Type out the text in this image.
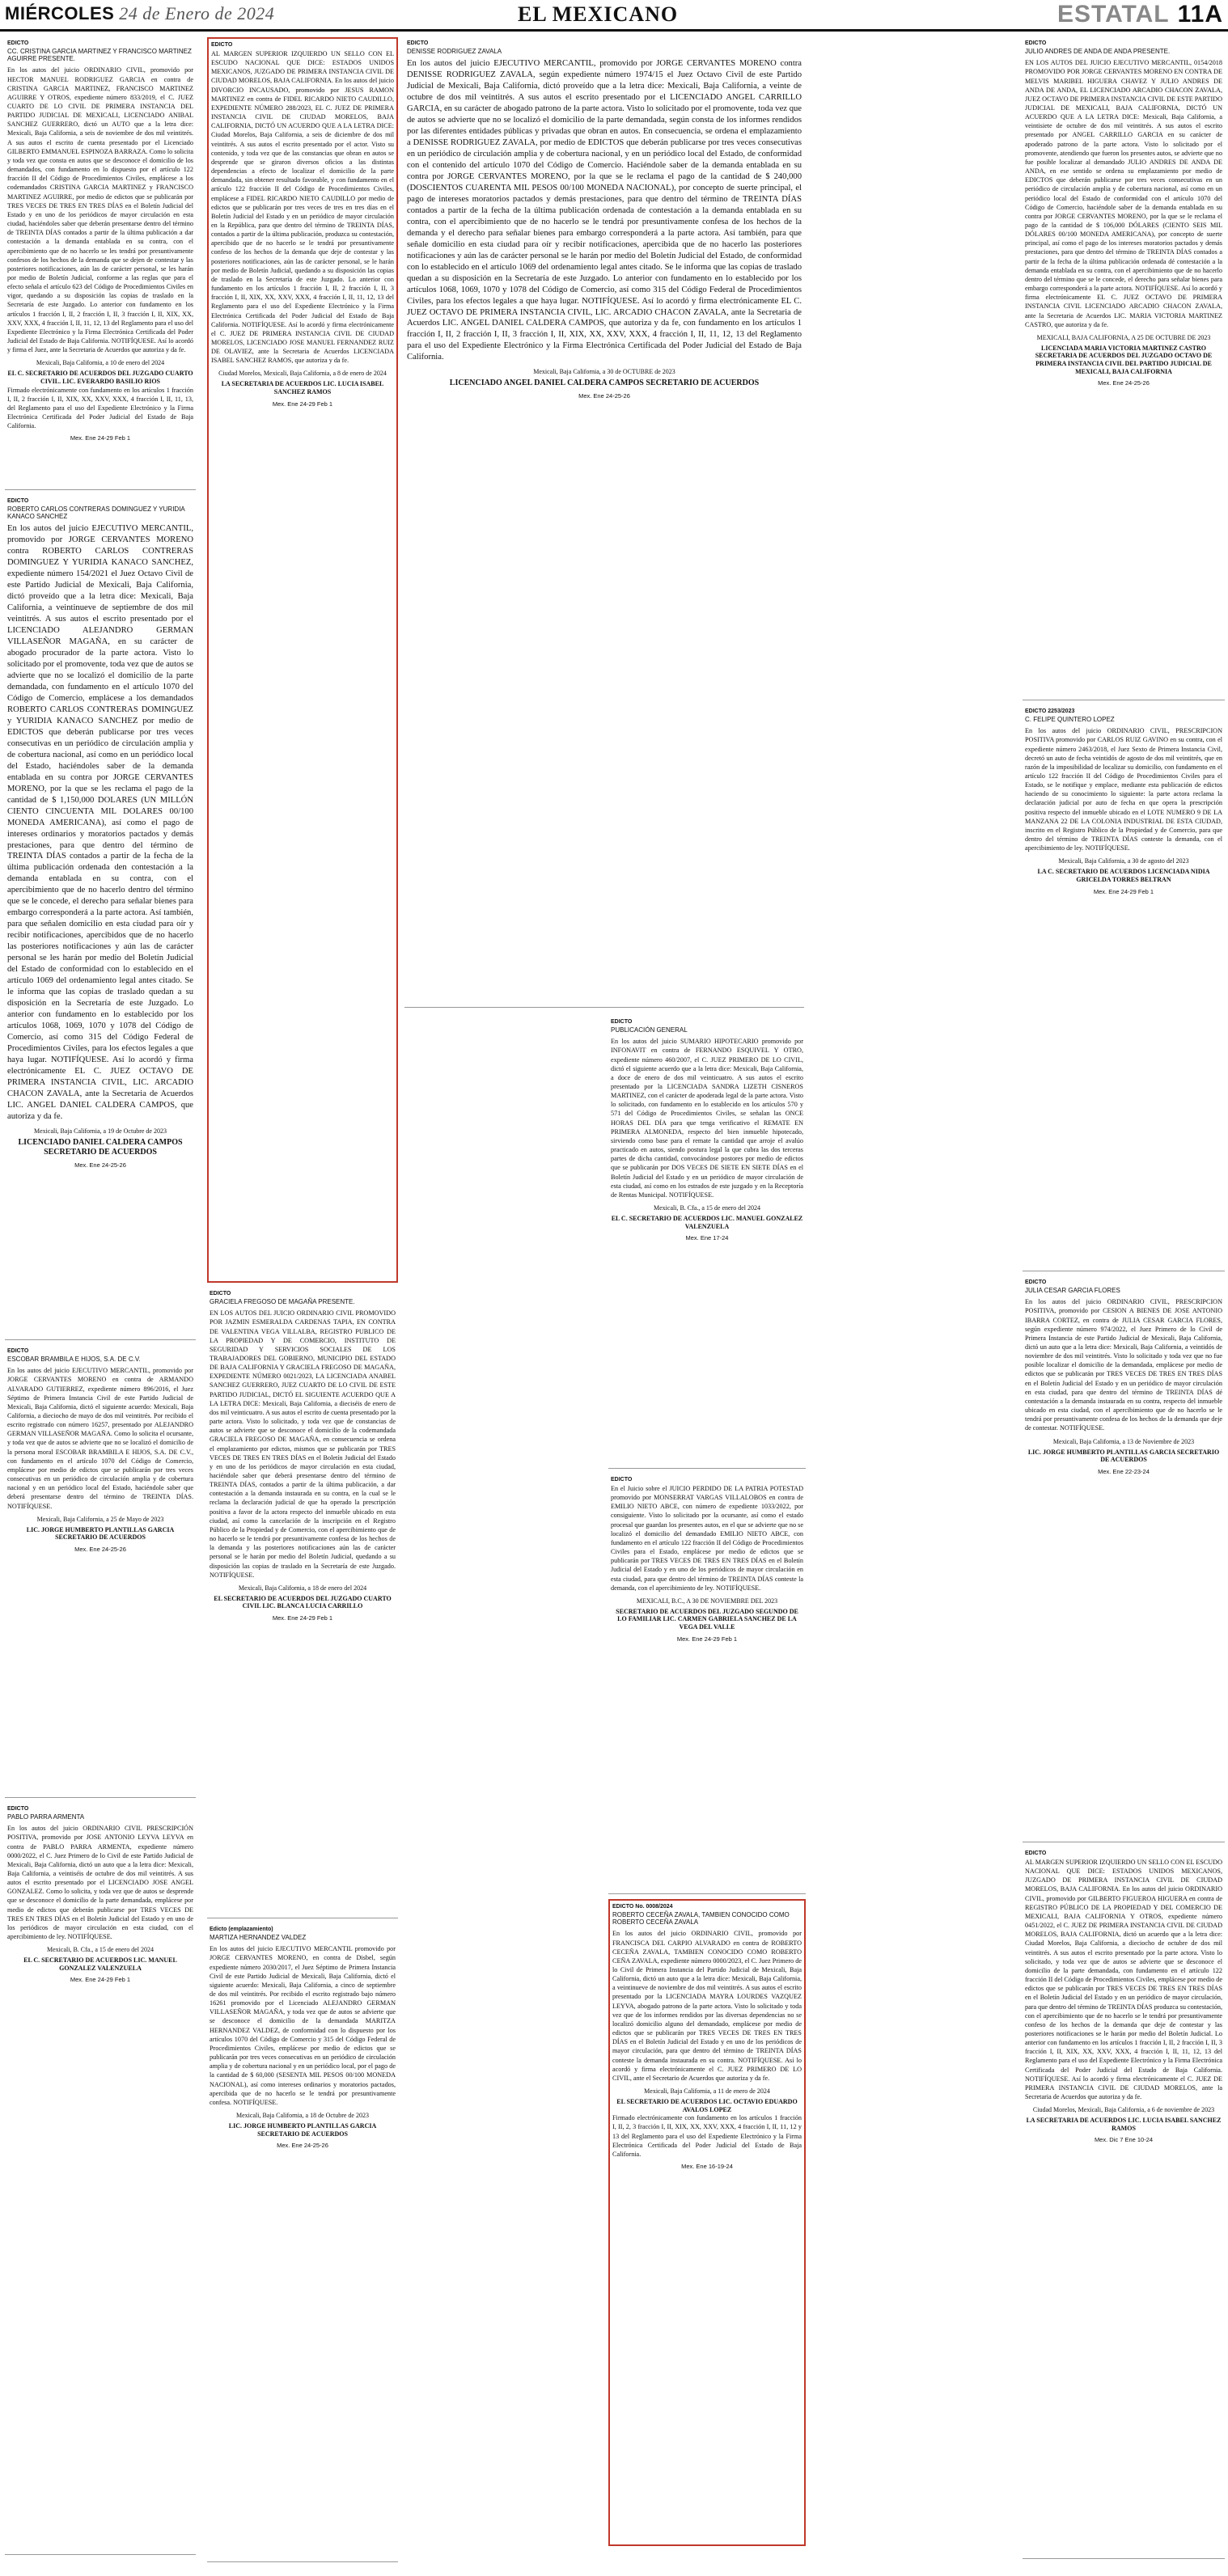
MIÉRCOLES 24 de Enero de 2024	EL MEXICANO	ESTATAL 11A
EDICTO
CC. CRISTINA GARCIA MARTINEZ Y FRANCISCO MARTINEZ AGUIRRE PRESENTE.
En los autos del juicio ORDINARIO CIVIL, promovido por HECTOR MANUEL RODRIGUEZ GARCIA en contra de CRISTINA GARCIA MARTINEZ, FRANCISCO MARTINEZ AGUIRRE Y OTROS, expediente número 833/2019, el C. JUEZ CUARTO DE LO CIVIL DE PRIMERA INSTANCIA DEL PARTIDO JUDICIAL DE MEXICALI, LICENCIADO ANIBAL SANCHEZ GUERRERO, dictó un AUTO que a la letra dice: Mexicali, Baja California, a seis de noviembre de dos mil veintitrés. A sus autos el escrito de cuenta presentado por el Licenciado GILBERTO EMMANUEL ESPINOZA BARRAZA. Como lo solicita y toda vez que consta en autos que se desconoce el domicilio de los demandados, con fundamento en lo dispuesto por el artículo 122 fracción II del Código de Procedimientos Civiles, emplácese a los codemandados CRISTINA GARCIA MARTINEZ y FRANCISCO MARTINEZ AGUIRRE, por medio de edictos que se publicarán por TRES VECES DE TRES EN TRES DÍAS en el Boletín Judicial del Estado y en uno de los periódicos de mayor circulación en esta ciudad, haciéndoles saber que deberán presentarse dentro del término de TREINTA DÍAS contados a partir de la última publicación a dar contestación a la demanda entablada en su contra, con el apercibimiento que de no hacerlo se les tendrá por presuntivamente confesos de los hechos de la demanda que se dejen de contestar y las posteriores notificaciones, aún las de carácter personal, se les harán por medio de Boletín Judicial, conforme a las reglas que para el efecto señala el artículo 623 del Código de Procedimientos Civiles en vigor, quedando a su disposición las copias de traslado en la Secretaría de este Juzgado. Lo anterior con fundamento en los artículos 1 fracción I, II, 2 fracción I, II, 3 fracción I, II, XIX, XX, XXV, XXX, 4 fracción I, II, 11, 12, 13 del Reglamento para el uso del Expediente Electrónico y la Firma Electrónica Certificada del Poder Judicial del Estado de Baja California. NOTIFÍQUESE. Así lo acordó y firma el Juez, ante la Secretaria de Acuerdos que autoriza y da fe.
Mexicali, Baja California, a 10 de enero del 2024
EL C. SECRETARIO DE ACUERDOS DEL JUZGADO CUARTO CIVIL. LIC. EVERARDO BASILIO RIOS
Firmado electrónicamente con fundamento en los artículos 1 fracción I, II, 2 fracción I, II, XIX, XX, XXV, XXX, 4 fracción I, II, 11, 13, del Reglamento para el uso del Expediente Electrónico y la Firma Electrónica Certificada del Poder Judicial del Estado de Baja California.
Mex. Ene 24-29 Feb 1
EDICTO
ROBERTO CARLOS CONTRERAS DOMINGUEZ Y YURIDIA KANACO SANCHEZ
En los autos del juicio EJECUTIVO MERCANTIL, promovido por JORGE CERVANTES MORENO contra ROBERTO CARLOS CONTRERAS DOMINGUEZ Y YURIDIA KANACO SANCHEZ, expediente número 154/2021 el Juez Octavo Civil de este Partido Judicial de Mexicali, Baja California, dictó proveído que a la letra dice: Mexicali, Baja California, a veintinueve de septiembre de dos mil veintitrés. A sus autos el escrito presentado por el LICENCIADO ALEJANDRO GERMAN VILLASEÑOR MAGAÑA, en su carácter de abogado procurador de la parte actora. Visto lo solicitado por el promovente, toda vez que de autos se advierte que no se localizó el domicilio de la parte demandada, con fundamento en el artículo 1070 del Código de Comercio, emplácese a los demandados ROBERTO CARLOS CONTRERAS DOMINGUEZ y YURIDIA KANACO SANCHEZ por medio de EDICTOS que deberán publicarse por tres veces consecutivas en un periódico de circulación amplia y de cobertura nacional, así como en un periódico local del Estado, haciéndoles saber de la demanda entablada en su contra por JORGE CERVANTES MORENO, por la que se les reclama el pago de la cantidad de $ 1,150,000 DOLARES (UN MILLÓN CIENTO CINCUENTA MIL DOLARES 00/100 MONEDA AMERICANA), así como el pago de intereses ordinarios y moratorios pactados y demás prestaciones, para que dentro del término de TREINTA DÍAS contados a partir de la fecha de la última publicación ordenada den contestación a la demanda entablada en su contra, con el apercibimiento que de no hacerlo dentro del término que se le concede, el derecho para señalar bienes para embargo corresponderá a la parte actora. Así también, para que señalen domicilio en esta ciudad para oír y recibir notificaciones, apercibidos que de no hacerlo las posteriores notificaciones y aún las de carácter personal se les harán por medio del Boletín Judicial del Estado de conformidad con lo establecido en el artículo 1069 del ordenamiento legal antes citado. Se le informa que las copias de traslado quedan a su disposición en la Secretaría de este Juzgado. Lo anterior con fundamento en lo establecido por los artículos 1068, 1069, 1070 y 1078 del Código de Comercio, así como 315 del Código Federal de Procedimientos Civiles, para los efectos legales a que haya lugar. NOTIFÍQUESE. Así lo acordó y firma electrónicamente EL C. JUEZ OCTAVO DE PRIMERA INSTANCIA CIVIL, LIC. ARCADIO CHACON ZAVALA, ante la Secretaria de Acuerdos LIC. ANGEL DANIEL CALDERA CAMPOS, que autoriza y da fe.
Mexicali, Baja California, a 19 de Octubre de 2023
LICENCIADO DANIEL CALDERA CAMPOS SECRETARIO DE ACUERDOS
Mex. Ene 24-25-26
EDICTO
ESCOBAR BRAMBILA E HIJOS, S.A. DE C.V.
En los autos del juicio EJECUTIVO MERCANTIL, promovido por JORGE CERVANTES MORENO en contra de ARMANDO ALVARADO GUTIERREZ, expediente número 896/2016, el Juez Séptimo de Primera Instancia Civil de este Partido Judicial de Mexicali, Baja California, dictó el siguiente acuerdo: Mexicali, Baja California, a dieciocho de mayo de dos mil veintitrés. Por recibido el escrito registrado con número 16257, presentado por ALEJANDRO GERMAN VILLASEÑOR MAGAÑA. Como lo solicita el ocursante, y toda vez que de autos se advierte que no se localizó el domicilio de la persona moral ESCOBAR BRAMBILA E HIJOS, S.A. DE C.V., con fundamento en el artículo 1070 del Código de Comercio, emplácese por medio de edictos que se publicarán por tres veces consecutivas en un periódico de circulación amplia y de cobertura nacional y en un periódico local del Estado, haciéndole saber que deberá presentarse dentro del término de TREINTA DÍAS. NOTIFÍQUESE.
Mexicali, Baja California, a 25 de Mayo de 2023
LIC. JORGE HUMBERTO PLANTILLAS GARCIA SECRETARIO DE ACUERDOS
Mex. Ene 24-25-26
EDICTO
PABLO PARRA ARMENTA
En los autos del juicio ORDINARIO CIVIL PRESCRIPCIÓN POSITIVA, promovido por JOSE ANTONIO LEYVA LEYVA en contra de PABLO PARRA ARMENTA, expediente número 0000/2022, el C. Juez Primero de lo Civil de este Partido Judicial de Mexicali, Baja California, dictó un auto que a la letra dice: Mexicali, Baja California, a veintiséis de octubre de dos mil veintitrés. A sus autos el escrito presentado por el LICENCIADO JOSE ANGEL GONZALEZ. Como lo solicita, y toda vez que de autos se desprende que se desconoce el domicilio de la parte demandada, emplácese por medio de edictos que deberán publicarse por TRES VECES DE TRES EN TRES DÍAS en el Boletín Judicial del Estado y en uno de los periódicos de mayor circulación en esta ciudad, con el apercibimiento de ley. NOTIFÍQUESE.
Mexicali, B. Cfa., a 15 de enero del 2024
EL C. SECRETARIO DE ACUERDOS LIC. MANUEL GONZALEZ VALENZUELA
Mex. Ene 24-29 Feb 1
EDICTO
AL MARGEN SUPERIOR IZQUIERDO UN SELLO CON EL ESCUDO NACIONAL QUE DICE: ESTADOS UNIDOS MEXICANOS, JUZGADO DE PRIMERA INSTANCIA CIVIL DE CIUDAD MORELOS, BAJA CALIFORNIA. En los autos del juicio DIVORCIO INCAUSADO, promovido por JESUS RAMON MARTINEZ en contra de FIDEL RICARDO NIETO CAUDILLO, EXPEDIENTE NÚMERO 288/2023, EL C. JUEZ DE PRIMERA INSTANCIA CIVIL DE CIUDAD MORELOS, BAJA CALIFORNIA, DICTÓ UN ACUERDO QUE A LA LETRA DICE: Ciudad Morelos, Baja California, a seis de diciembre de dos mil veintitrés. A sus autos el escrito presentado por el actor. Visto su contenido, y toda vez que de las constancias que obran en autos se desprende que se giraron diversos oficios a las distintas dependencias a efecto de localizar el domicilio de la parte demandada, sin obtener resultado favorable, y con fundamento en el artículo 122 fracción II del Código de Procedimientos Civiles, emplácese a FIDEL RICARDO NIETO CAUDILLO por medio de edictos que se publicarán por tres veces de tres en tres días en el Boletín Judicial del Estado y en un periódico de mayor circulación en la República, para que dentro del término de TREINTA DÍAS, contados a partir de la última publicación, produzca su contestación, apercibido que de no hacerlo se le tendrá por presuntivamente confeso de los hechos de la demanda que deje de contestar y las posteriores notificaciones, aún las de carácter personal, se le harán por medio de Boletín Judicial, quedando a su disposición las copias de traslado en la Secretaría de este Juzgado. Lo anterior con fundamento en los artículos 1 fracción I, II, 2 fracción I, II, 3 fracción I, II, XIX, XX, XXV, XXX, 4 fracción I, II, 11, 12, 13 del Reglamento para el uso del Expediente Electrónico y la Firma Electrónica Certificada del Poder Judicial del Estado de Baja California. NOTIFÍQUESE. Así lo acordó y firma electrónicamente el C. JUEZ DE PRIMERA INSTANCIA CIVIL DE CIUDAD MORELOS, LICENCIADO JOSE MANUEL FERNANDEZ RUIZ DE OLAVIEZ, ante la Secretaria de Acuerdos LICENCIADA ISABEL SANCHEZ RAMOS, que autoriza y da fe.
Ciudad Morelos, Mexicali, Baja California, a 8 de enero de 2024
LA SECRETARIA DE ACUERDOS LIC. LUCIA ISABEL SANCHEZ RAMOS
Mex. Ene 24-29 Feb 1
EDICTO
GRACIELA FREGOSO DE MAGAÑA PRESENTE.
EN LOS AUTOS DEL JUICIO ORDINARIO CIVIL PROMOVIDO POR JAZMIN ESMERALDA CARDENAS TAPIA, EN CONTRA DE VALENTINA VEGA VILLALBA, REGISTRO PUBLICO DE LA PROPIEDAD Y DE COMERCIO, INSTITUTO DE SEGURIDAD Y SERVICIOS SOCIALES DE LOS TRABAJADORES DEL GOBIERNO, MUNICIPIO DEL ESTADO DE BAJA CALIFORNIA Y GRACIELA FREGOSO DE MAGAÑA, EXPEDIENTE NÚMERO 0021/2023, LA LICENCIADA ANABEL SANCHEZ GUERRERO, JUEZ CUARTO DE LO CIVIL DE ESTE PARTIDO JUDICIAL, DICTÓ EL SIGUIENTE ACUERDO QUE A LA LETRA DICE: Mexicali, Baja California, a dieciséis de enero de dos mil veinticuatro. A sus autos el escrito de cuenta presentado por la parte actora. Visto lo solicitado, y toda vez que de constancias de autos se advierte que se desconoce el domicilio de la codemandada GRACIELA FREGOSO DE MAGAÑA, en consecuencia se ordena el emplazamiento por edictos, mismos que se publicarán por TRES VECES DE TRES EN TRES DÍAS en el Boletín Judicial del Estado y en uno de los periódicos de mayor circulación en esta ciudad, haciéndole saber que deberá presentarse dentro del término de TREINTA DÍAS, contados a partir de la última publicación, a dar contestación a la demanda instaurada en su contra, en la cual se le reclama la declaración judicial de que ha operado la prescripción positiva a favor de la actora respecto del inmueble ubicado en esta ciudad, así como la cancelación de la inscripción en el Registro Público de la Propiedad y de Comercio, con el apercibimiento que de no hacerlo se le tendrá por presuntivamente confesa de los hechos de la demanda y las posteriores notificaciones aún las de carácter personal se le harán por medio del Boletín Judicial, quedando a su disposición las copias de traslado en la Secretaría de este Juzgado. NOTIFÍQUESE.
Mexicali, Baja California, a 18 de enero del 2024
EL SECRETARIO DE ACUERDOS DEL JUZGADO CUARTO CIVIL LIC. BLANCA LUCIA CARRILLO
Mex. Ene 24-29 Feb 1
Edicto (emplazamiento)
MARTIZA HERNANDEZ VALDEZ
En los autos del juicio EJECUTIVO MERCANTIL promovido por JORGE CERVANTES MORENO, en contra de Disbel, según expediente número 2030/2017, el Juez Séptimo de Primera Instancia Civil de este Partido Judicial de Mexicali, Baja California, dictó el siguiente acuerdo: Mexicali, Baja California, a cinco de septiembre de dos mil veintitrés. Por recibido el escrito registrado bajo número 16261 promovido por el Licenciado ALEJANDRO GERMAN VILLASEÑOR MAGAÑA, y toda vez que de autos se advierte que se desconoce el domicilio de la demandada MARITZA HERNANDEZ VALDEZ, de conformidad con lo dispuesto por los artículos 1070 del Código de Comercio y 315 del Código Federal de Procedimientos Civiles, emplácese por medio de edictos que se publicarán por tres veces consecutivas en un periódico de circulación amplia y de cobertura nacional y en un periódico local, por el pago de la cantidad de $ 60,000 (SESENTA MIL PESOS 00/100 MONEDA NACIONAL), así como intereses ordinarios y moratorios pactados, apercibida que de no hacerlo se le tendrá por presuntivamente confesa. NOTIFÍQUESE.
Mexicali, Baja California, a 18 de Octubre de 2023
LIC. JORGE HUMBERTO PLANTILLAS GARCIA SECRETARIO DE ACUERDOS
Mex. Ene 24-25-26
EDICTO
DENISSE RODRIGUEZ ZAVALA
En los autos del juicio EJECUTIVO MERCANTIL, promovido por JORGE CERVANTES MORENO contra DENISSE RODRIGUEZ ZAVALA, según expediente número 1974/15 el Juez Octavo Civil de este Partido Judicial de Mexicali, Baja California, dictó proveído que a la letra dice: Mexicali, Baja California, a veinte de octubre de dos mil veintitrés. A sus autos el escrito presentado por el LICENCIADO ANGEL CARRILLO GARCIA, en su carácter de abogado patrono de la parte actora. Visto lo solicitado por el promovente, toda vez que de autos se advierte que no se localizó el domicilio de la parte demandada, según consta de los informes rendidos por las diferentes entidades públicas y privadas que obran en autos. En consecuencia, se ordena el emplazamiento a DENISSE RODRIGUEZ ZAVALA, por medio de EDICTOS que deberán publicarse por tres veces consecutivas en un periódico de circulación amplia y de cobertura nacional, y en un periódico local del Estado, de conformidad con el contenido del artículo 1070 del Código de Comercio. Haciéndole saber de la demanda entablada en su contra por JORGE CERVANTES MORENO, por la que se le reclama el pago de la cantidad de $ 240,000 (DOSCIENTOS CUARENTA MIL PESOS 00/100 MONEDA NACIONAL), por concepto de suerte principal, el pago de intereses moratorios pactados y demás prestaciones, para que dentro del término de TREINTA DÍAS contados a partir de la fecha de la última publicación ordenada de contestación a la demanda entablada en su contra, con el apercibimiento que de no hacerlo se le tendrá por presuntivamente confesa de los hechos de la demanda y el derecho para señalar bienes para embargo corresponderá a la parte actora. Así también, para que señale domicilio en esta ciudad para oír y recibir notificaciones, apercibida que de no hacerlo las posteriores notificaciones y aún las de carácter personal se le harán por medio del Boletín Judicial del Estado, de conformidad con lo establecido en el artículo 1069 del ordenamiento legal antes citado. Se le informa que las copias de traslado quedan a su disposición en la Secretaría de este Juzgado. Lo anterior con fundamento en lo establecido por los artículos 1068, 1069, 1070 y 1078 del Código de Comercio, así como 315 del Código Federal de Procedimientos Civiles, para los efectos legales a que haya lugar. NOTIFÍQUESE. Así lo acordó y firma electrónicamente EL C. JUEZ OCTAVO DE PRIMERA INSTANCIA CIVIL, LIC. ARCADIO CHACON ZAVALA, ante la Secretaria de Acuerdos LIC. ANGEL DANIEL CALDERA CAMPOS, que autoriza y da fe, con fundamento en los artículos 1 fracción I, II, 2 fracción I, II, 3 fracción I, II, XIX, XX, XXV, XXX, 4 fracción I, II, 11, 12, 13 del Reglamento para el uso del Expediente Electrónico y la Firma Electrónica Certificada del Poder Judicial del Estado de Baja California.
Mexicali, Baja California, a 30 de OCTUBRE de 2023
LICENCIADO ANGEL DANIEL CALDERA CAMPOS SECRETARIO DE ACUERDOS
Mex. Ene 24-25-26
EDICTO
PUBLICACIÓN GENERAL
En los autos del juicio SUMARIO HIPOTECARIO promovido por INFONAVIT en contra de FERNANDO ESQUIVEL Y OTRO, expediente número 460/2007, el C. JUEZ PRIMERO DE LO CIVIL, dictó el siguiente acuerdo que a la letra dice: Mexicali, Baja California, a doce de enero de dos mil veinticuatro. A sus autos el escrito presentado por la LICENCIADA SANDRA LIZETH CISNEROS MARTINEZ, con el carácter de apoderada legal de la parte actora. Visto lo solicitado, con fundamento en lo establecido en los artículos 570 y 571 del Código de Procedimientos Civiles, se señalan las ONCE HORAS DEL DÍA para que tenga verificativo el REMATE EN PRIMERA ALMONEDA, respecto del bien inmueble hipotecado, sirviendo como base para el remate la cantidad que arroje el avalúo practicado en autos, siendo postura legal la que cubra las dos terceras partes de dicha cantidad, convocándose postores por medio de edictos que se publicarán por DOS VECES DE SIETE EN SIETE DÍAS en el Boletín Judicial del Estado y en un periódico de mayor circulación de esta ciudad, así como en los estrados de este juzgado y en la Receptoría de Rentas Municipal. NOTIFÍQUESE.
Mexicali, B. Cfa., a 15 de enero del 2024
EL C. SECRETARIO DE ACUERDOS LIC. MANUEL GONZALEZ VALENZUELA
Mex. Ene 17-24
EDICTO
En el Juicio sobre el JUICIO PERDIDO DE LA PATRIA POTESTAD promovido por MONSERRAT VARGAS VILLALOBOS en contra de EMILIO NIETO ABCE, con número de expediente 1033/2022, por consiguiente. Visto lo solicitado por la ocursante, así como el estado procesal que guardan los presentes autos, en el que se advierte que no se localizó el domicilio del demandado EMILIO NIETO ABCE, con fundamento en el artículo 122 fracción II del Código de Procedimientos Civiles para el Estado, emplácese por medio de edictos que se publicarán por TRES VECES DE TRES EN TRES DÍAS en el Boletín Judicial del Estado y en uno de los periódicos de mayor circulación en esta ciudad, para que dentro del término de TREINTA DÍAS conteste la demanda, con el apercibimiento de ley. NOTIFÍQUESE.
MEXICALI, B.C., A 30 DE NOVIEMBRE DEL 2023
SECRETARIO DE ACUERDOS DEL JUZGADO SEGUNDO DE LO FAMILIAR LIC. CARMEN GABRIELA SANCHEZ DE LA VEGA DEL VALLE
Mex. Ene 24-29 Feb 1
EDICTO No. 0008/2024
ROBERTO CECEÑA ZAVALA, TAMBIEN CONOCIDO COMO ROBERTO CECEÑA ZAVALA
En los autos del juicio ORDINARIO CIVIL, promovido por FRANCISCA DEL CARPIO ALVARADO en contra de ROBERTO CECEÑA ZAVALA, TAMBIEN CONOCIDO COMO ROBERTO CEÑA ZAVALA, expediente número 0000/2023, el C. Juez Primero de lo Civil de Primera Instancia del Partido Judicial de Mexicali, Baja California, dictó un auto que a la letra dice: Mexicali, Baja California, a veintinueve de noviembre de dos mil veintitrés. A sus autos el escrito presentado por la LICENCIADA MAYRA LOURDES VAZQUEZ LEYVA, abogado patrono de la parte actora. Visto lo solicitado y toda vez que de los informes rendidos por las diversas dependencias no se localizó domicilio alguno del demandado, emplácese por medio de edictos que se publicarán por TRES VECES DE TRES EN TRES DÍAS en el Boletín Judicial del Estado y en uno de los periódicos de mayor circulación, para que dentro del término de TREINTA DÍAS conteste la demanda instaurada en su contra. NOTIFÍQUESE. Así lo acordó y firma electrónicamente el C. JUEZ PRIMERO DE LO CIVIL, ante el Secretario de Acuerdos que autoriza y da fe.
Mexicali, Baja California, a 11 de enero de 2024
EL SECRETARIO DE ACUERDOS LIC. OCTAVIO EDUARDO AVALOS LOPEZ
Firmado electrónicamente con fundamento en los artículos 1 fracción I, II, 2, 3 fracción I, II, XIX, XX, XXV, XXX, 4 fracción I, II, 11, 12 y 13 del Reglamento para el uso del Expediente Electrónico y la Firma Electrónica Certificada del Poder Judicial del Estado de Baja California.
Mex. Ene 16-19-24
EDICTO
JULIO ANDRES DE ANDA DE ANDA PRESENTE.
EN LOS AUTOS DEL JUICIO EJECUTIVO MERCANTIL, 0154/2018 PROMOVIDO POR JORGE CERVANTES MORENO EN CONTRA DE MELVIS MARIBEL HIGUERA CHAVEZ Y JULIO ANDRES DE ANDA DE ANDA, EL LICENCIADO ARCADIO CHACON ZAVALA, JUEZ OCTAVO DE PRIMERA INSTANCIA CIVIL DE ESTE PARTIDO JUDICIAL DE MEXICALI, BAJA CALIFORNIA, DICTÓ UN ACUERDO QUE A LA LETRA DICE: Mexicali, Baja California, a veintisiete de octubre de dos mil veintitrés. A sus autos el escrito presentado por ANGEL CARRILLO GARCIA en su carácter de apoderado patrono de la parte actora. Visto lo solicitado por el promovente, atendiendo que fueron los presentes autos, se advierte que no fue posible localizar al demandado JULIO ANDRES DE ANDA DE ANDA, en ese sentido se ordena su emplazamiento por medio de EDICTOS que deberán publicarse por tres veces consecutivas en un periódico de circulación amplia y de cobertura nacional, así como en un periódico local del Estado de conformidad con el artículo 1070 del Código de Comercio, haciéndole saber de la demanda entablada en su contra por JORGE CERVANTES MORENO, por la que se le reclama el pago de la cantidad de $ 106,000 DÓLARES (CIENTO SEIS MIL DÓLARES 00/100 MONEDA AMERICANA), por concepto de suerte principal, así como el pago de los intereses moratorios pactados y demás prestaciones, para que dentro del término de TREINTA DÍAS contados a partir de la fecha de la última publicación ordenada dé contestación a la demanda entablada en su contra, con el apercibimiento que de no hacerlo dentro del término que se le concede, el derecho para señalar bienes para embargo corresponderá a la parte actora. NOTIFÍQUESE. Así lo acordó y firma electrónicamente EL C. JUEZ OCTAVO DE PRIMERA INSTANCIA CIVIL LICENCIADO ARCADIO CHACON ZAVALA, ante la Secretaria de Acuerdos LIC. MARIA VICTORIA MARTINEZ CASTRO, que autoriza y da fe.
MEXICALI, BAJA CALIFORNIA, A 25 DE OCTUBRE DE 2023
LICENCIADA MARIA VICTORIA MARTINEZ CASTRO SECRETARIA DE ACUERDOS DEL JUZGADO OCTAVO DE PRIMERA INSTANCIA CIVIL DEL PARTIDO JUDICIAL DE MEXICALI, BAJA CALIFORNIA
Mex. Ene 24-25-26
EDICTO 2253/2023
C. FELIPE QUINTERO LOPEZ
En los autos del juicio ORDINARIO CIVIL, PRESCRIPCION POSITIVA promovido por CARLOS RUIZ GAVINO en su contra, con el expediente número 2463/2018, el Juez Sexto de Primera Instancia Civil, decretó un auto de fecha veintidós de agosto de dos mil veintitrés, que en razón de la imposibilidad de localizar su domicilio, con fundamento en el artículo 122 fracción II del Código de Procedimientos Civiles para el Estado, se le notifique y emplace, mediante esta publicación de edictos haciendo de su conocimiento lo siguiente: la parte actora reclama la declaración judicial por auto de fecha en que opera la prescripción positiva respecto del inmueble ubicado en el LOTE NUMERO 9 DE LA MANZANA 22 DE LA COLONIA INDUSTRIAL DE ESTA CIUDAD, inscrito en el Registro Público de la Propiedad y de Comercio, para que dentro del término de TREINTA DÍAS conteste la demanda, con el apercibimiento de ley. NOTIFÍQUESE.
Mexicali, Baja California, a 30 de agosto del 2023
LA C. SECRETARIO DE ACUERDOS LICENCIADA NIDIA GRICELDA TORRES BELTRAN
Mex. Ene 24-29 Feb 1
EDICTO
JULIA CESAR GARCIA FLORES
En los autos del juicio ORDINARIO CIVIL, PRESCRIPCION POSITIVA, promovido por CESION A BIENES DE JOSE ANTONIO IBARRA CORTEZ, en contra de JULIA CESAR GARCIA FLORES, según expediente número 974/2022, el Juez Primero de lo Civil de Primera Instancia de este Partido Judicial de Mexicali, Baja California, dictó un auto que a la letra dice: Mexicali, Baja California, a veintidós de noviembre de dos mil veintitrés. Visto lo solicitado y toda vez que no fue posible localizar el domicilio de la demandada, emplácese por medio de edictos que se publicarán por TRES VECES DE TRES EN TRES DÍAS en el Boletín Judicial del Estado y en un periódico de mayor circulación en esta ciudad, para que dentro del término de TREINTA DÍAS dé contestación a la demanda instaurada en su contra, respecto del inmueble ubicado en esta ciudad, con el apercibimiento que de no hacerlo se le tendrá por presuntivamente confesa de los hechos de la demanda que deje de contestar. NOTIFÍQUESE.
Mexicali, Baja California, a 13 de Noviembre de 2023
LIC. JORGE HUMBERTO PLANTILLAS GARCIA SECRETARIO DE ACUERDOS
Mex. Ene 22-23-24
EDICTO
AL MARGEN SUPERIOR IZQUIERDO UN SELLO CON EL ESCUDO NACIONAL QUE DICE: ESTADOS UNIDOS MEXICANOS, JUZGADO DE PRIMERA INSTANCIA CIVIL DE CIUDAD MORELOS, BAJA CALIFORNIA. En los autos del juicio ORDINARIO CIVIL, promovido por GILBERTO FIGUEROA HIGUERA en contra de REGISTRO PÚBLICO DE LA PROPIEDAD Y DEL COMERCIO DE MEXICALI, BAJA CALIFORNIA Y OTROS, expediente número 0451/2022, el C. JUEZ DE PRIMERA INSTANCIA CIVIL DE CIUDAD MORELOS, BAJA CALIFORNIA, dictó un acuerdo que a la letra dice: Ciudad Morelos, Baja California, a dieciocho de octubre de dos mil veintitrés. A sus autos el escrito presentado por la parte actora. Visto lo solicitado, y toda vez que de autos se advierte que se desconoce el domicilio de la parte demandada, con fundamento en el artículo 122 fracción II del Código de Procedimientos Civiles, emplácese por medio de edictos que se publicarán por TRES VECES DE TRES EN TRES DÍAS en el Boletín Judicial del Estado y en un periódico de mayor circulación, para que dentro del término de TREINTA DÍAS produzca su contestación, con el apercibimiento que de no hacerlo se le tendrá por presuntivamente confeso de los hechos de la demanda que deje de contestar y las posteriores notificaciones se le harán por medio del Boletín Judicial. Lo anterior con fundamento en los artículos 1 fracción I, II, 2 fracción I, II, 3 fracción I, II, XIX, XX, XXV, XXX, 4 fracción I, II, 11, 12, 13 del Reglamento para el uso del Expediente Electrónico y la Firma Electrónica Certificada del Poder Judicial del Estado de Baja California. NOTIFÍQUESE. Así lo acordó y firma electrónicamente el C. JUEZ DE PRIMERA INSTANCIA CIVIL DE CIUDAD MORELOS, ante la Secretaria de Acuerdos que autoriza y da fe.
Ciudad Morelos, Mexicali, Baja California, a 6 de noviembre de 2023
LA SECRETARIA DE ACUERDOS LIC. LUCIA ISABEL SANCHEZ RAMOS
Mex. Dic 7 Ene 10-24
